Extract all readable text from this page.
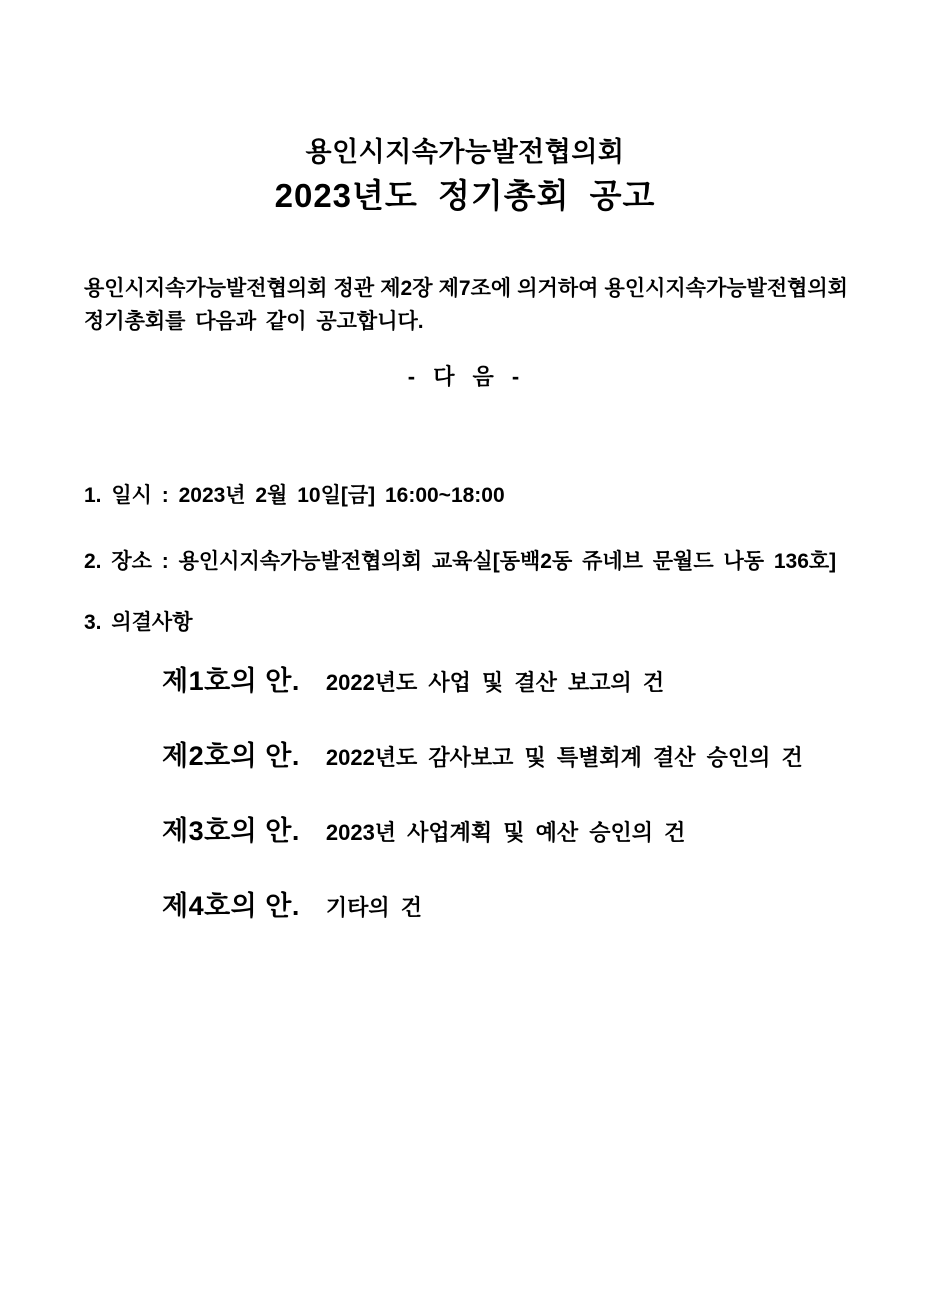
용인시지속가능발전협의회
2023년도 정기총회 공고
용인시지속가능발전협의회 정관 제2장 제7조에 의거하여 용인시지속가능발전협의회
정기총회를 다음과 같이 공고합니다.
- 다 음 -
1. 일시 : 2023년 2월 10일[금] 16:00~18:00
2. 장소 : 용인시지속가능발전협의회 교육실[동백2동 쥬네브 문월드 나동 136호]
3. 의결사항
제1호의 안. 2022년도 사업 및 결산 보고의 건
제2호의 안. 2022년도 감사보고 및 특별회계 결산 승인의 건
제3호의 안. 2023년 사업계획 및 예산 승인의 건
제4호의 안. 기타의 건
